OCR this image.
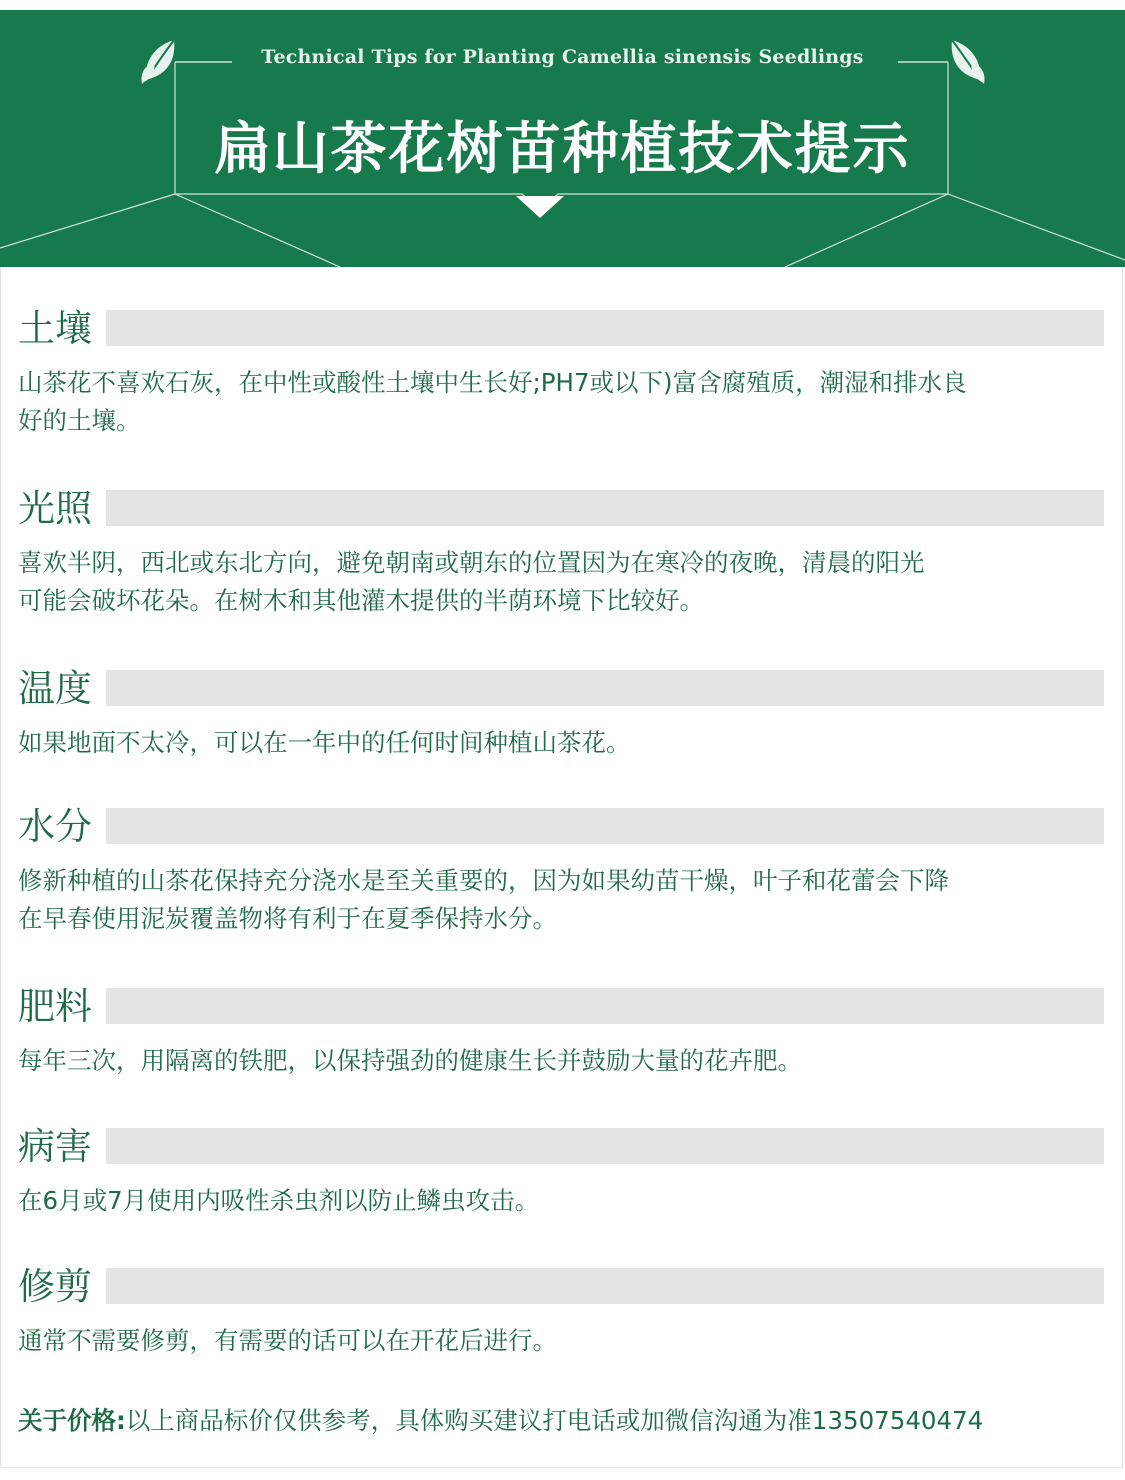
Technical Tips for Planting Camellia sinensis Seedlings
扁山茶花树苗种植技术提示
土壤
山茶花不喜欢石灰，在中性或酸性土壤中生长好;PH7或以下)富含腐殖质，潮湿和排水良
好的土壤。
光照
喜欢半阴，西北或东北方向，避免朝南或朝东的位置因为在寒冷的夜晚，清晨的阳光
可能会破坏花朵。在树木和其他灌木提供的半荫环境下比较好。
温度
如果地面不太冷，可以在一年中的任何时间种植山茶花。
水分
修新种植的山茶花保持充分浇水是至关重要的，因为如果幼苗干燥，叶子和花蕾会下降
在早春使用泥炭覆盖物将有利于在夏季保持水分。
肥料
每年三次，用隔离的铁肥，以保持强劲的健康生长并鼓励大量的花卉肥。
病害
在6月或7月使用内吸性杀虫剂以防止鳞虫攻击。
修剪
通常不需要修剪，有需要的话可以在开花后进行。
关于价格:以上商品标价仅供参考，具体购买建议打电话或加微信沟通为准13507540474
